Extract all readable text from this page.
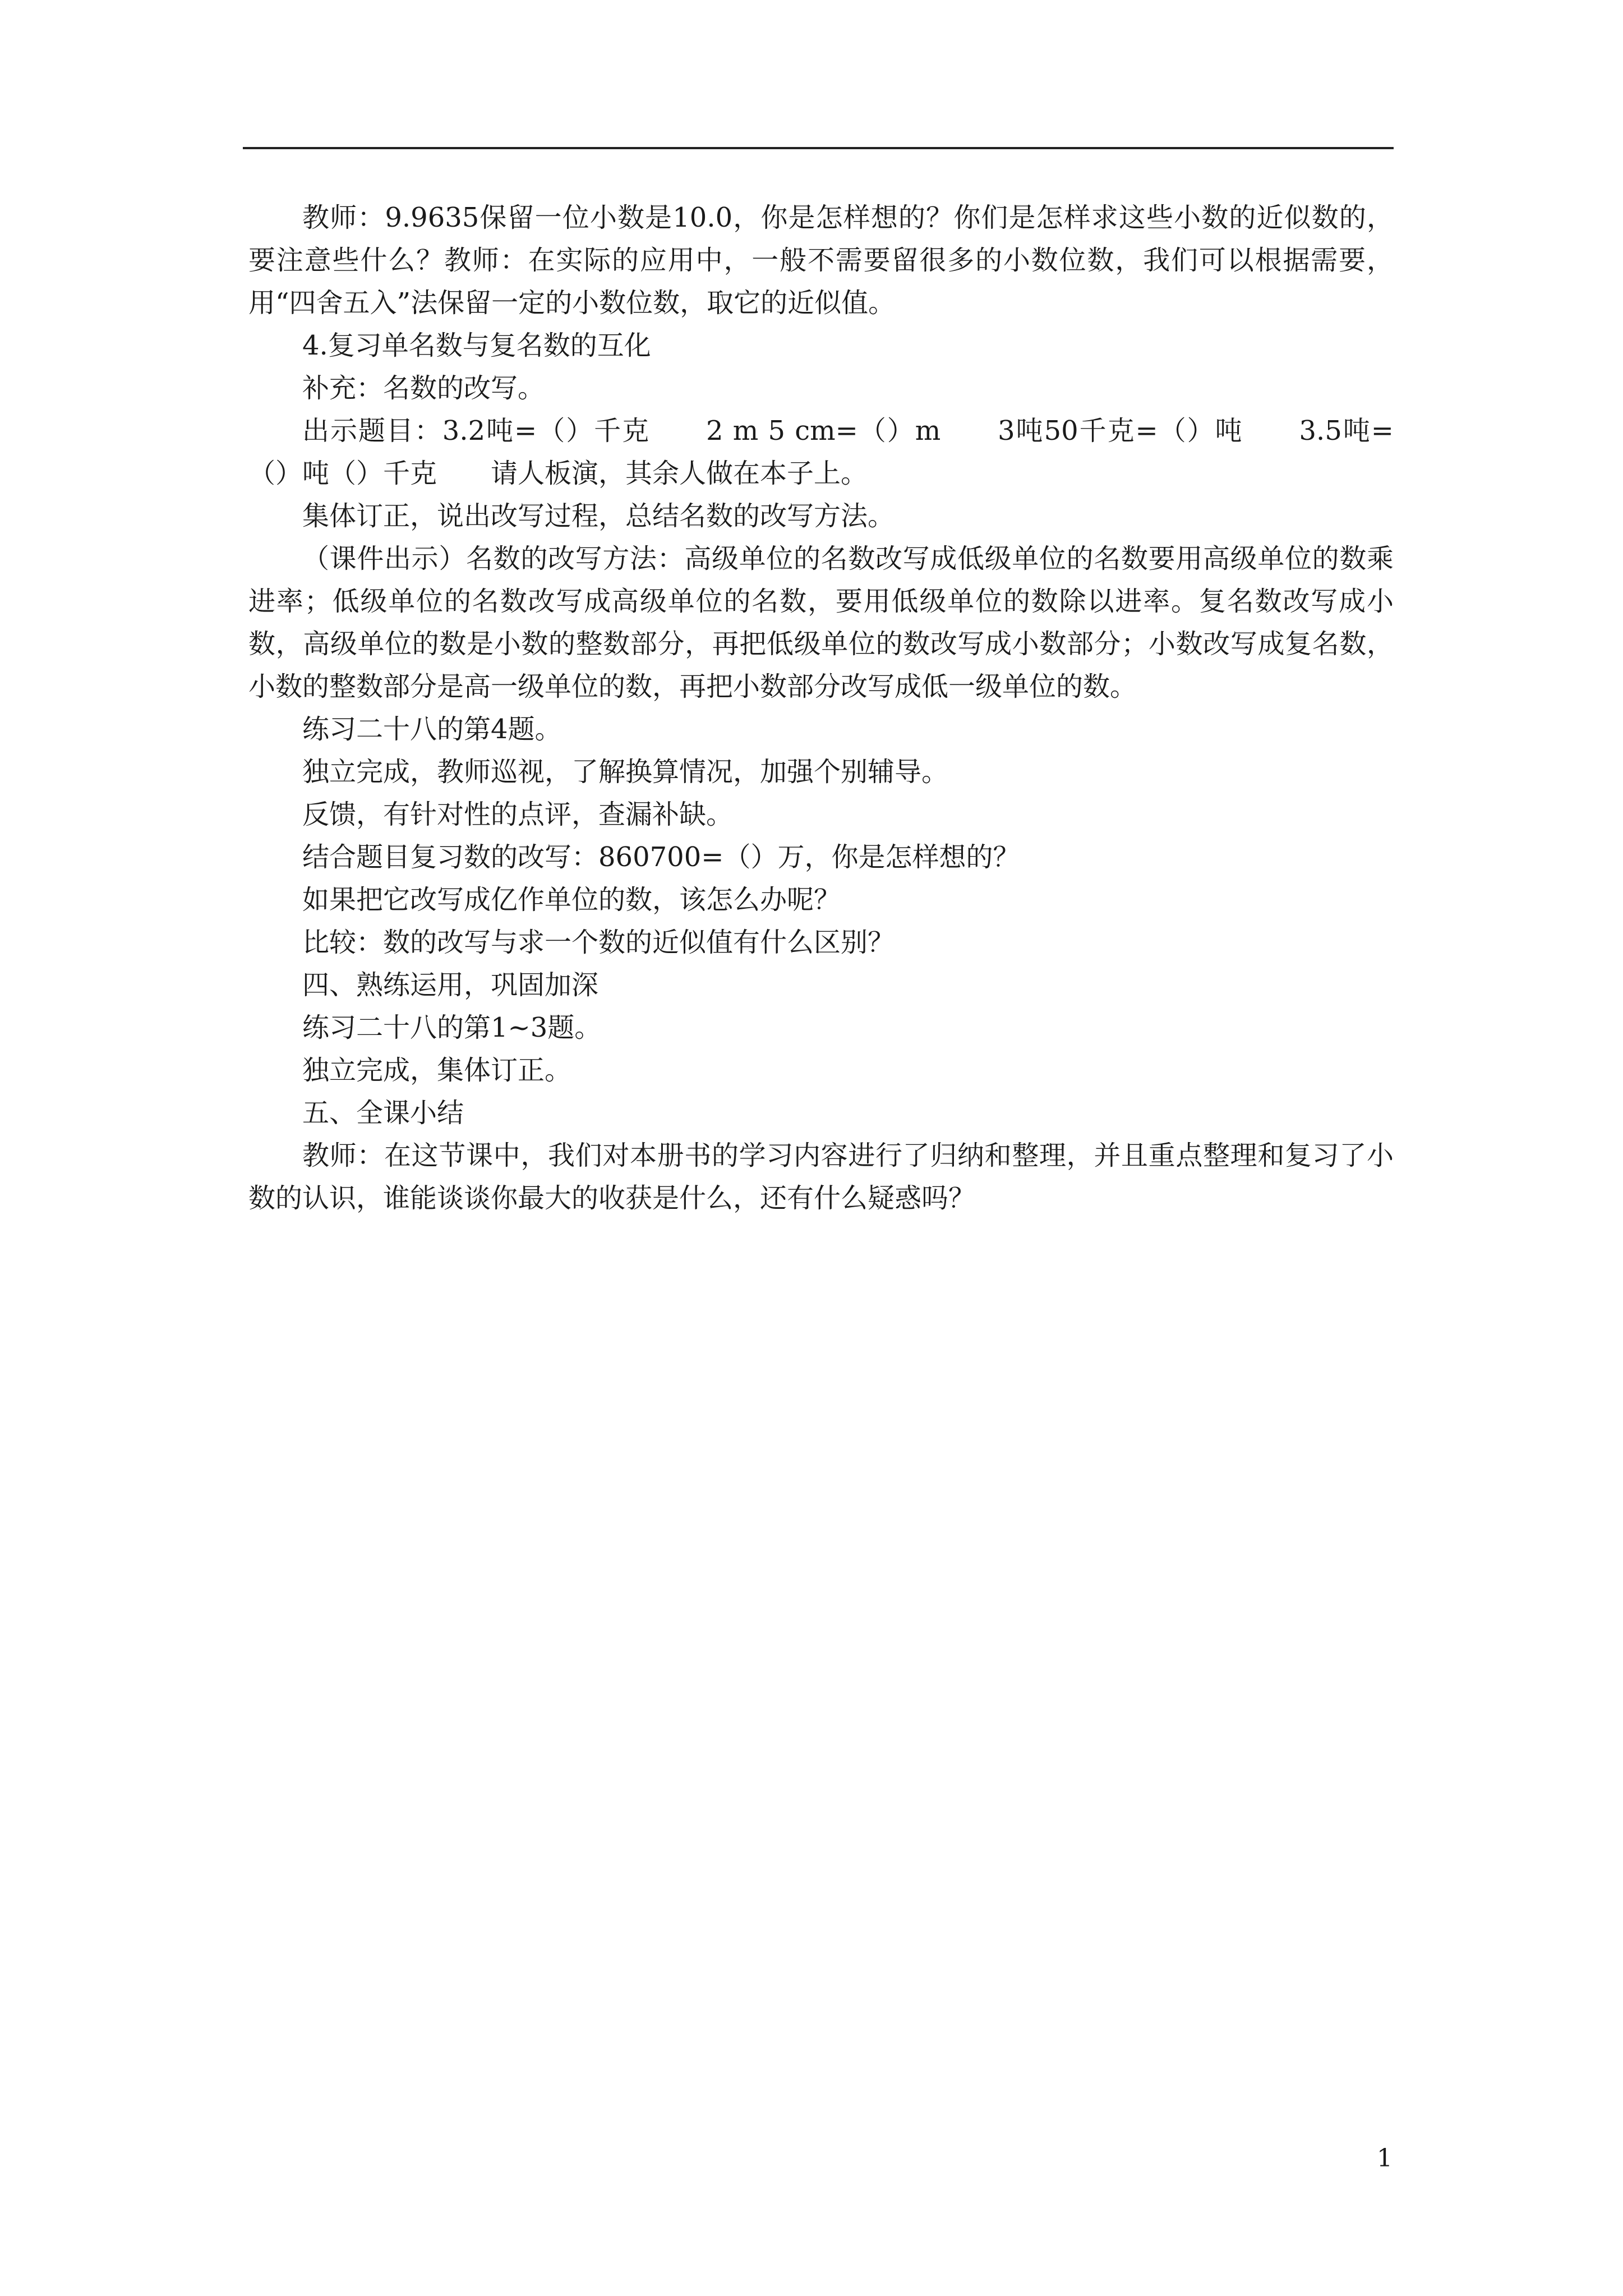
教师：9.9635保留一位小数是10.0，你是怎样想的？你们是怎样求这些小数的近似数的，要注意些什么？教师：在实际的应用中，一般不需要留很多的小数位数，我们可以根据需要，用“四舍五入”法保留一定的小数位数，取它的近似值。

4.复习单名数与复名数的互化

补充：名数的改写。

出示题目：3.2吨=（）千克　　2 m 5 cm=（）m　　3吨50千克=（）吨　　3.5吨=（）吨（）千克　　请人板演，其余人做在本子上。

集体订正，说出改写过程，总结名数的改写方法。

（课件出示）名数的改写方法：高级单位的名数改写成低级单位的名数要用高级单位的数乘进率；低级单位的名数改写成高级单位的名数，要用低级单位的数除以进率。复名数改写成小数，高级单位的数是小数的整数部分，再把低级单位的数改写成小数部分；小数改写成复名数，小数的整数部分是高一级单位的数，再把小数部分改写成低一级单位的数。

练习二十八的第4题。

独立完成，教师巡视，了解换算情况，加强个别辅导。

反馈，有针对性的点评，查漏补缺。

结合题目复习数的改写：860700=（）万，你是怎样想的？

如果把它改写成亿作单位的数，该怎么办呢？

比较：数的改写与求一个数的近似值有什么区别？

四、熟练运用，巩固加深

练习二十八的第1~3题。

独立完成，集体订正。

五、全课小结

教师：在这节课中，我们对本册书的学习内容进行了归纳和整理，并且重点整理和复习了小数的认识，谁能谈谈你最大的收获是什么，还有什么疑惑吗？

1
